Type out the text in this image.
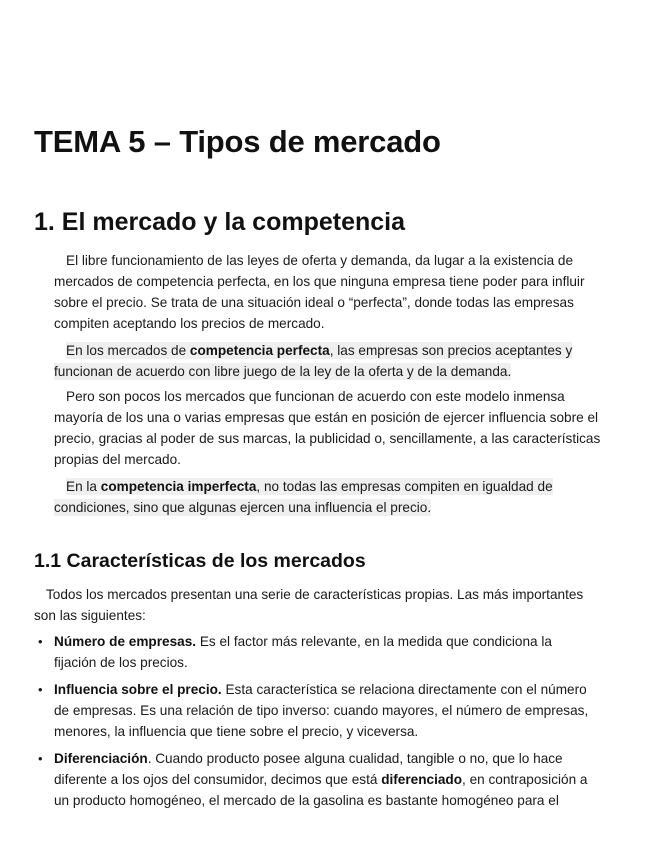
TEMA 5 – Tipos de mercado
1. El mercado y la competencia

El libre funcionamiento de las leyes de oferta y demanda, da lugar a la existencia de mercados de competencia perfecta, en los que ninguna empresa tiene poder para influir sobre el precio. Se trata de una situación ideal o “perfecta”, donde todas las empresas compiten aceptando los precios de mercado.

En los mercados de competencia perfecta, las empresas son precios aceptantes y funcionan de acuerdo con libre juego de la ley de la oferta y de la demanda.

Pero son pocos los mercados que funcionan de acuerdo con este modelo inmensa mayoría de los una o varias empresas que están en posición de ejercer influencia sobre el precio, gracias al poder de sus marcas, la publicidad o, sencillamente, a las características propias del mercado.

En la competencia imperfecta, no todas las empresas compiten en igualdad de condiciones, sino que algunas ejercen una influencia el precio.

1.1 Características de los mercados

Todos los mercados presentan una serie de características propias. Las más importantes son las siguientes:

• Número de empresas. Es el factor más relevante, en la medida que condiciona la fijación de los precios.
• Influencia sobre el precio. Esta característica se relaciona directamente con el número de empresas. Es una relación de tipo inverso: cuando mayores, el número de empresas, menores, la influencia que tiene sobre el precio, y viceversa.
• Diferenciación. Cuando producto posee alguna cualidad, tangible o no, que lo hace diferente a los ojos del consumidor, decimos que está diferenciado, en contraposición a un producto homogéneo, el mercado de la gasolina es bastante homogéneo para el
